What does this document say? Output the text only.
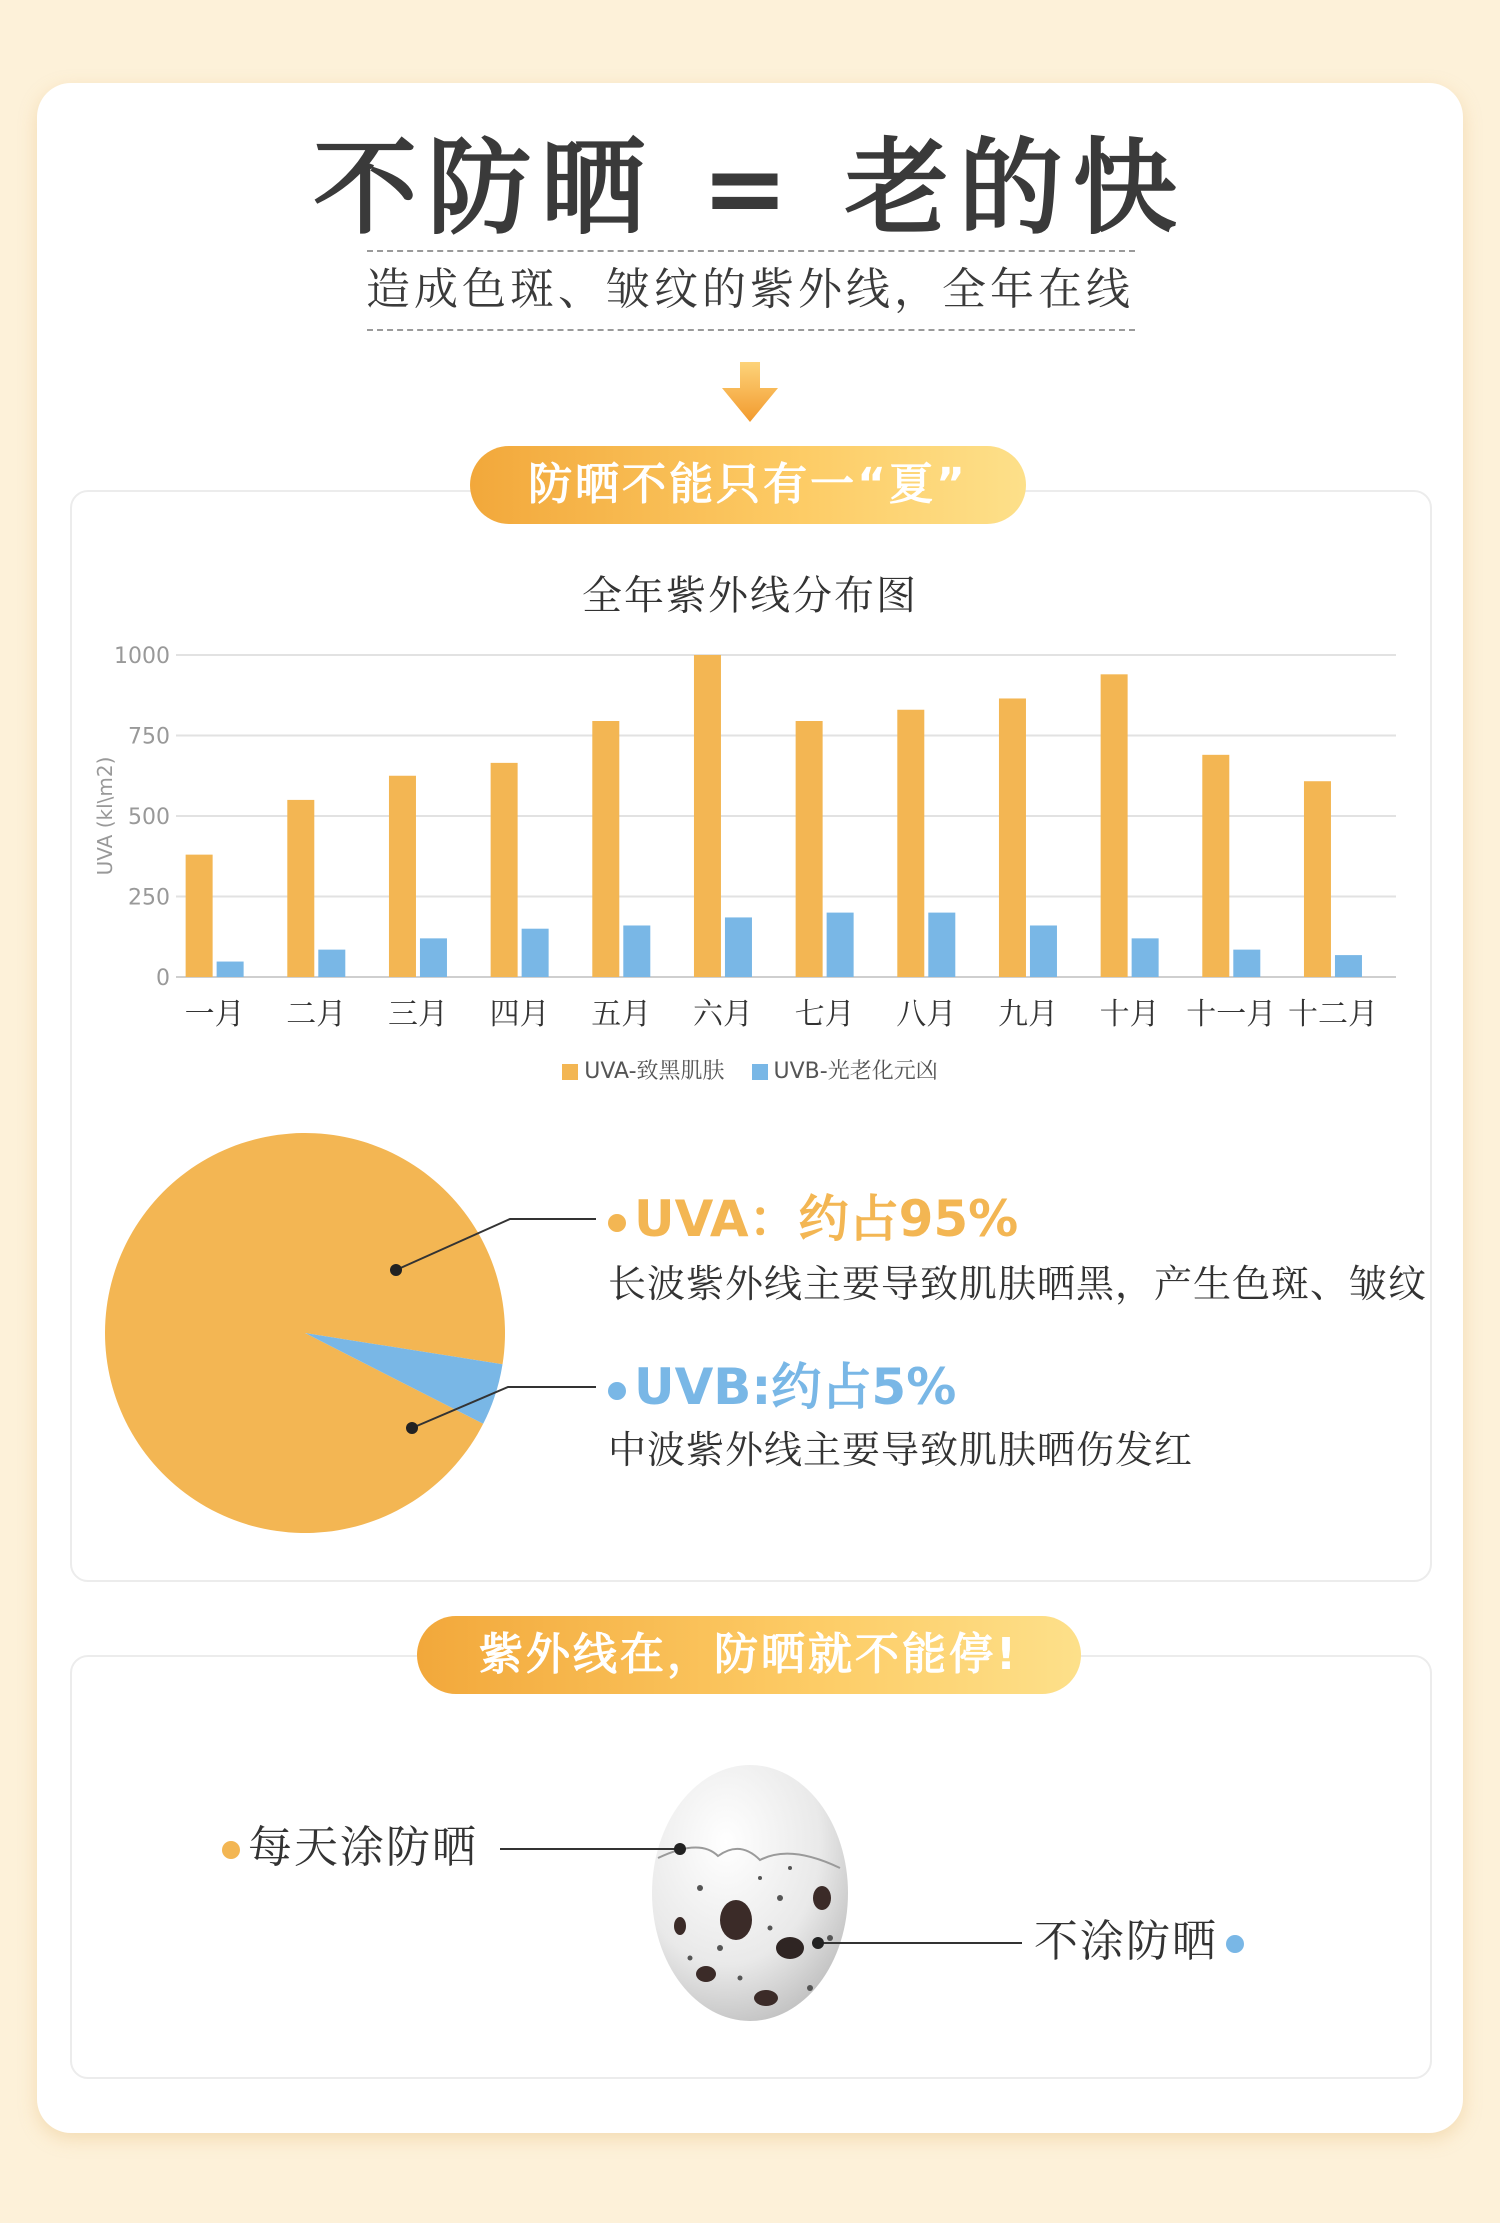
不防晒 = 老的快
造成色斑、皱纹的紫外线，全年在线
防晒不能只有一“夏”
全年紫外线分布图
0
250
500
750
1000
UVA (kl\m2)
一月 二月 三月 四月 五月 六月 七月 八月 九月 十月 十一月 十二月
UVA-致黑肌肤 UVB-光老化元凶
UVA：约占95%
长波紫外线主要导致肌肤晒黑，产生色斑、皱纹
UVB:约占5%
中波紫外线主要导致肌肤晒伤发红
紫外线在，防晒就不能停!
每天涂防晒
不涂防晒
